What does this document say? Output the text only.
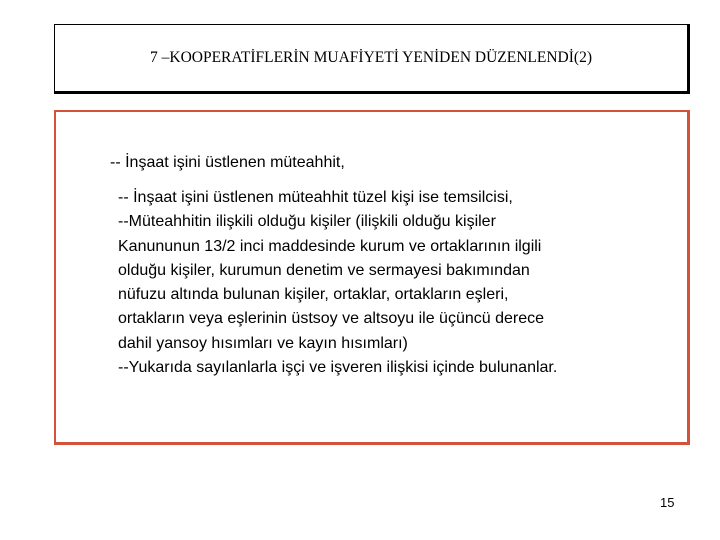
7 –KOOPERATİFLERİN MUAFİYETİ YENİDEN DÜZENLENDİ(2)
-- İnşaat işini üstlenen müteahhit,
-- İnşaat işini üstlenen müteahhit tüzel kişi ise temsilcisi,
--Müteahhitin ilişkili olduğu kişiler (ilişkili olduğu kişiler
Kanununun 13/2 inci maddesinde kurum ve ortaklarının ilgili
olduğu kişiler, kurumun denetim ve sermayesi bakımından
nüfuzu altında bulunan kişiler, ortaklar, ortakların eşleri,
ortakların veya eşlerinin üstsoy ve altsoyu ile üçüncü derece
dahil yansoy hısımları ve kayın hısımları)
--Yukarıda sayılanlarla işçi ve işveren ilişkisi içinde bulunanlar.
15
